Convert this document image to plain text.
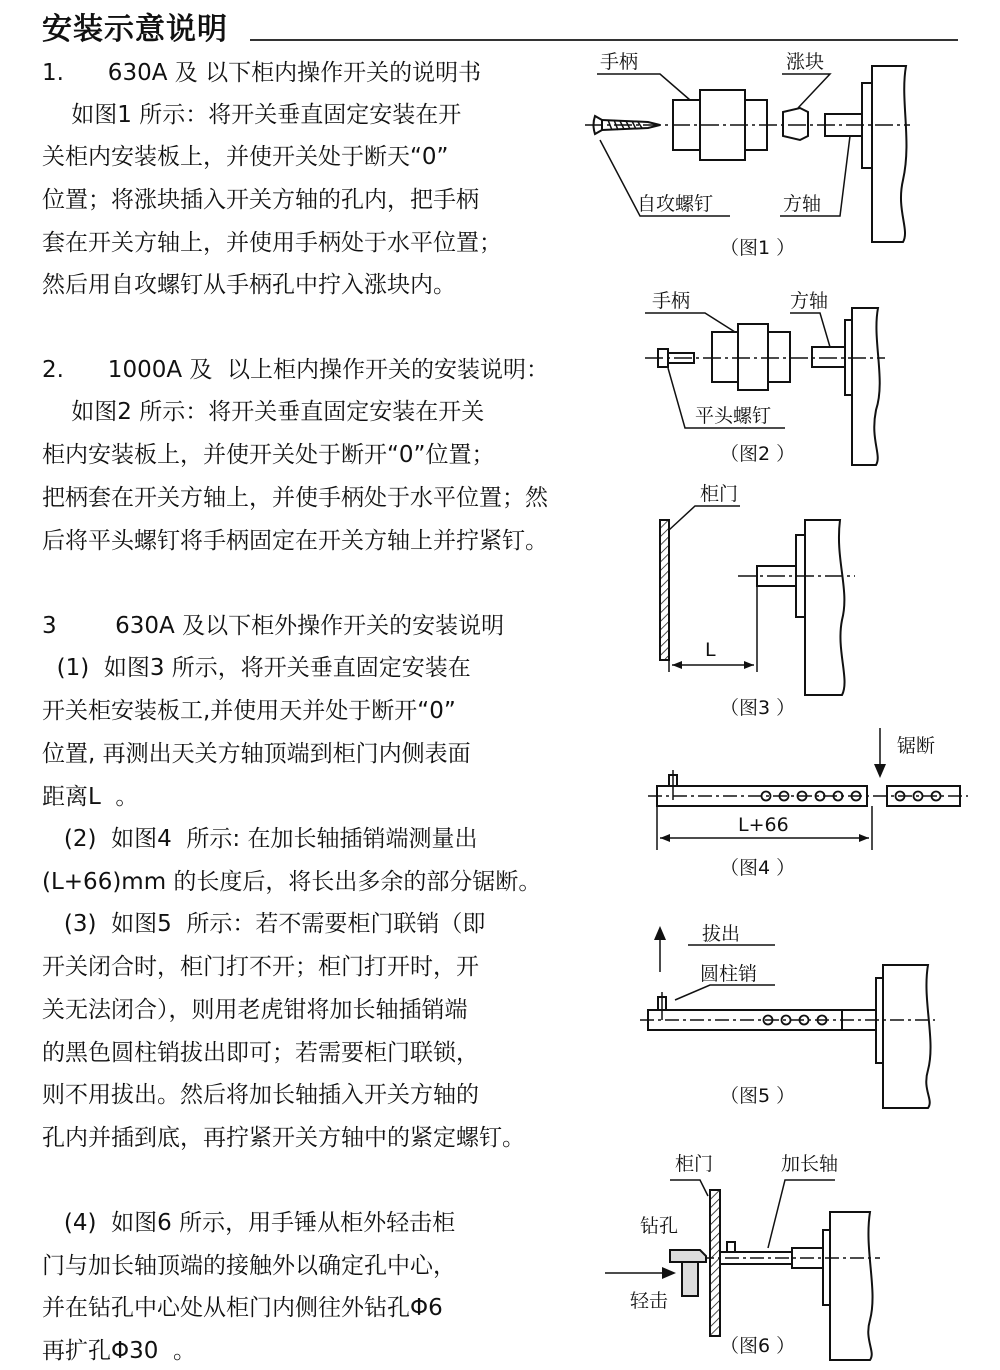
安装示意说明
1.      630A 及 以下柜内操作开关的说明书
如图1 所示：将开关垂直固定安装在开
关柜内安装板上，并使开关处于断天“0”
位置；将涨块插入开关方轴的孔内，把手柄
套在开关方轴上，并使用手柄处于水平位置；
然后用自攻螺钉从手柄孔中拧入涨块内。
2.      1000A 及  以上柜内操作开关的安装说明：
如图2 所示：将开关垂直固定安装在开关
柜内安装板上，并使开关处于断开“0”位置；
把柄套在开关方轴上，并使手柄处于水平位置；然
后将平头螺钉将手柄固定在开关方轴上并拧紧钉。
3        630A 及以下柜外操作开关的安装说明
(1)  如图3 所示，将开关垂直固定安装在
开关柜安装板工,并使用天并处于断开“0”
位置, 再测出天关方轴顶端到柜门内侧表面
距离L  。
(2)  如图4  所示: 在加长轴插销端测量出
(L+66)mm 的长度后，将长出多余的部分锯断。
(3)  如图5  所示：若不需要柜门联销（即
开关闭合时，柜门打不开；柜门打开时，开
关无法闭合），则用老虎钳将加长轴插销端
的黑色圆柱销拔出即可；若需要柜门联锁，
则不用拔出。然后将加长轴插入开关方轴的
孔内并插到底，再拧紧开关方轴中的紧定螺钉。
(4)  如图6 所示，用手锤从柜外轻击柜
门与加长轴顶端的接触外以确定孔中心，
并在钻孔中心处从柜门内侧往外钻孔Φ6
再扩孔Φ30  。
手柄	涨块
自攻螺钉	方轴
（图1 ）
手柄	方轴
平头螺钉
（图2 ）
柜门
L
（图3 ）
锯断
L+66
（图4 ）
拔出
圆柱销
（图5 ）
柜门	加长轴
钻孔
轻击
（图6 ）
